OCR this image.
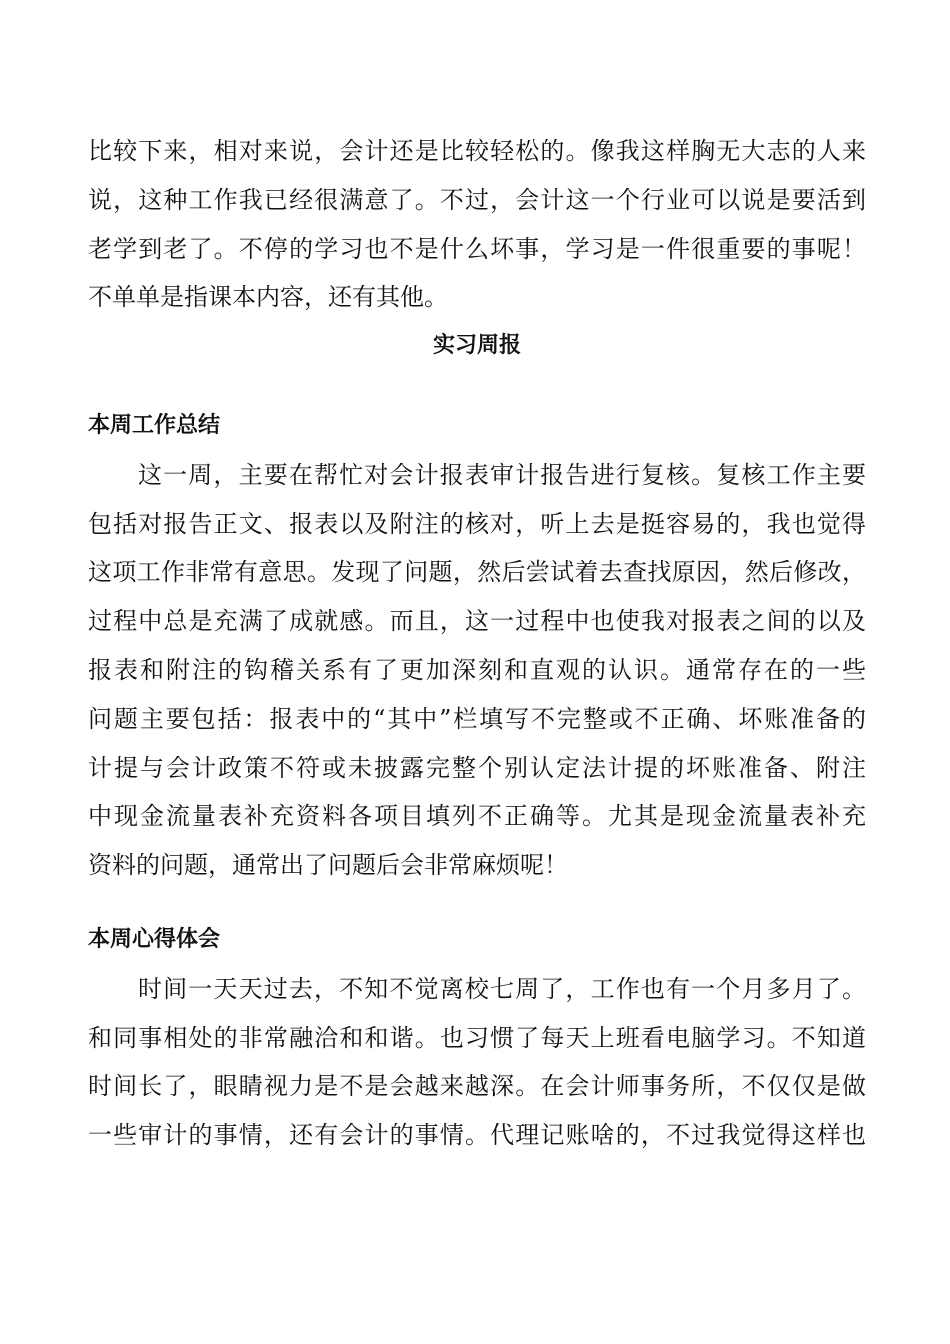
比较下来，相对来说，会计还是比较轻松的。像我这样胸无大志的人来
说，这种工作我已经很满意了。不过，会计这一个行业可以说是要活到
老学到老了。不停的学习也不是什么坏事，学习是一件很重要的事呢！
不单单是指课本内容，还有其他。
实习周报
本周工作总结
这一周，主要在帮忙对会计报表审计报告进行复核。复核工作主要
包括对报告正文、报表以及附注的核对，听上去是挺容易的，我也觉得
这项工作非常有意思。发现了问题，然后尝试着去查找原因，然后修改，
过程中总是充满了成就感。而且，这一过程中也使我对报表之间的以及
报表和附注的钩稽关系有了更加深刻和直观的认识。通常存在的一些
问题主要包括：报表中的“其中”栏填写不完整或不正确、坏账准备的
计提与会计政策不符或未披露完整个别认定法计提的坏账准备、附注
中现金流量表补充资料各项目填列不正确等。尤其是现金流量表补充
资料的问题，通常出了问题后会非常麻烦呢！
本周心得体会
时间一天天过去，不知不觉离校七周了，工作也有一个月多月了。
和同事相处的非常融洽和和谐。也习惯了每天上班看电脑学习。不知道
时间长了，眼睛视力是不是会越来越深。在会计师事务所，不仅仅是做
一些审计的事情，还有会计的事情。代理记账啥的，不过我觉得这样也
